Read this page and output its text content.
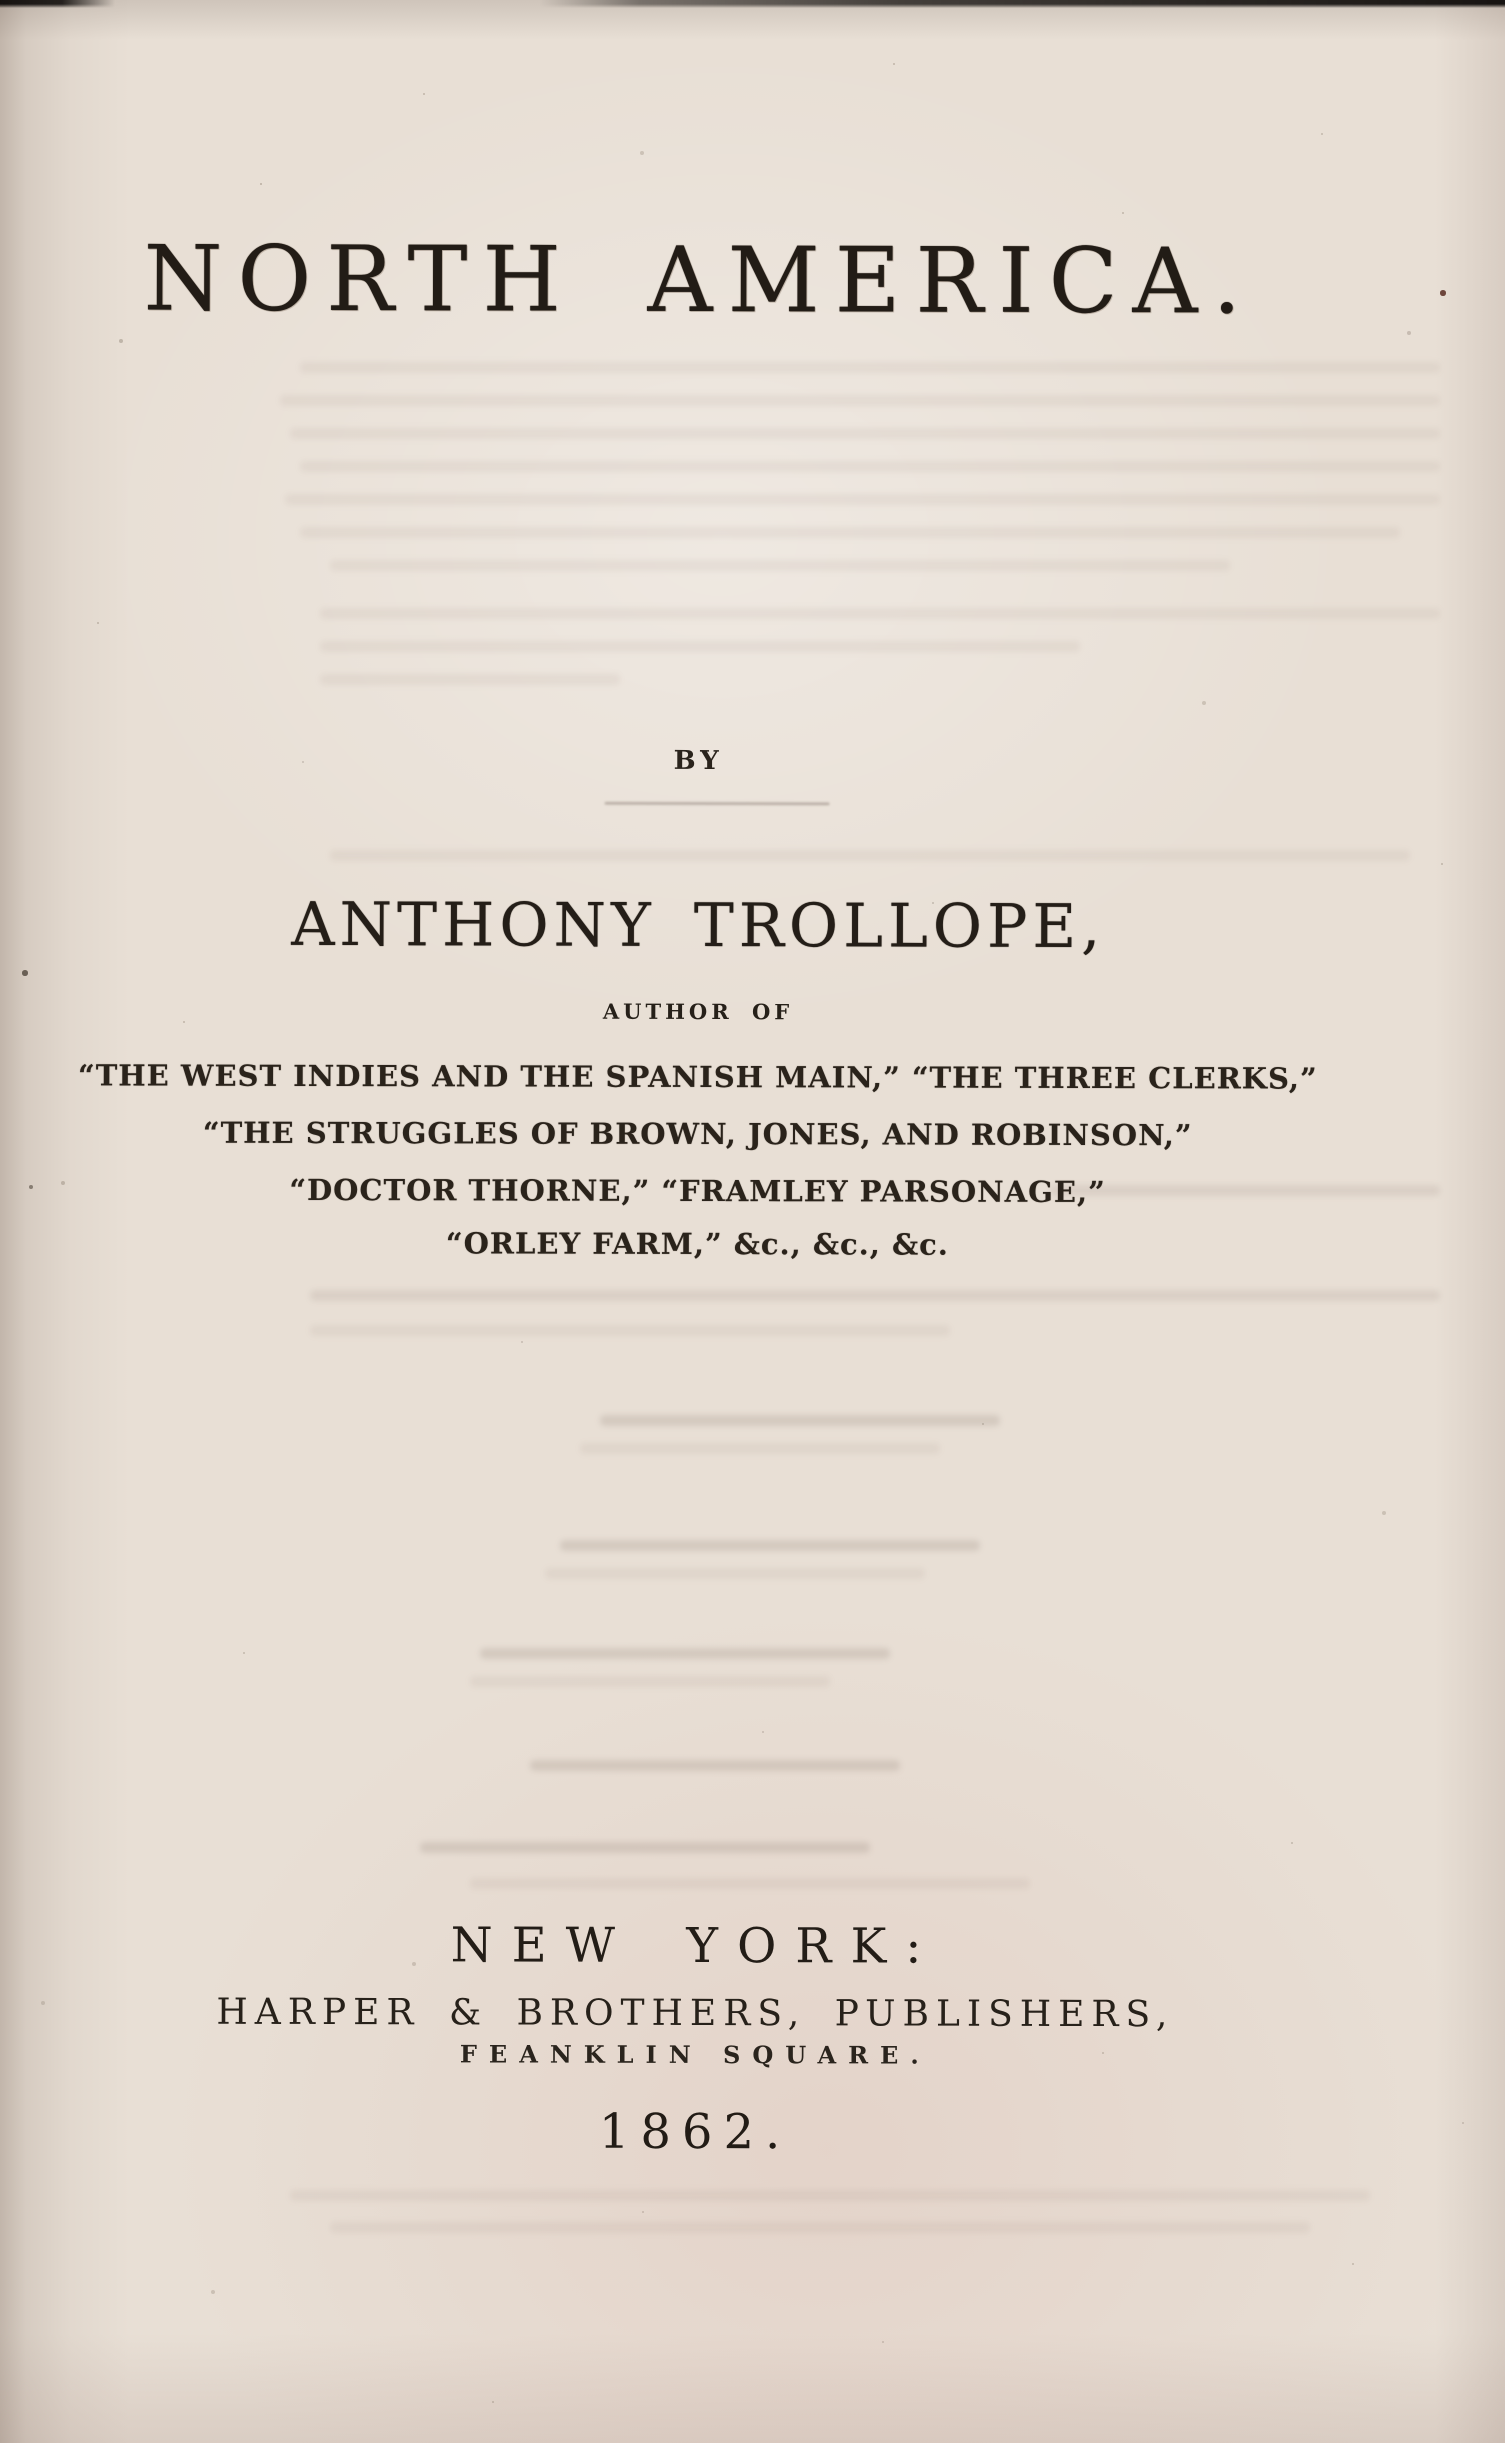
NORTH AMERICA.
BY
ANTHONY TROLLOPE,
AUTHOR OF
“THE WEST INDIES AND THE SPANISH MAIN,” “THE THREE CLERKS,”
“THE STRUGGLES OF BROWN, JONES, AND ROBINSON,”
“DOCTOR THORNE,” “FRAMLEY PARSONAGE,”
“ORLEY FARM,” &c., &c., &c.
NEW YORK:
HARPER & BROTHERS, PUBLISHERS,
FEANKLIN SQUARE.
1862.
